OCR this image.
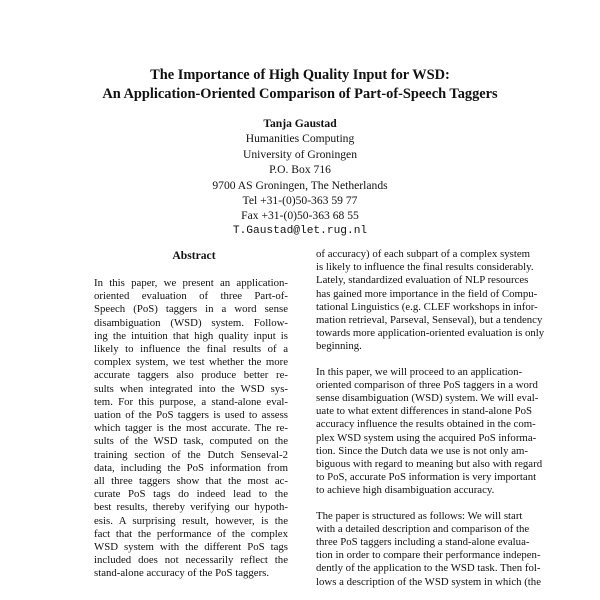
The Importance of High Quality Input for WSD:
An Application-Oriented Comparison of Part-of-Speech Taggers
Tanja Gaustad
Humanities Computing
University of Groningen
P.O. Box 716
9700 AS Groningen, The Netherlands
Tel +31-(0)50-363 59 77
Fax +31-(0)50-363 68 55
T.Gaustad@let.rug.nl
Abstract

In this paper, we present an application-
oriented evaluation of three Part-of-
Speech (PoS) taggers in a word sense
disambiguation (WSD) system. Follow-
ing the intuition that high quality input is
likely to influence the final results of a
complex system, we test whether the more
accurate taggers also produce better re-
sults when integrated into the WSD sys-
tem. For this purpose, a stand-alone eval-
uation of the PoS taggers is used to assess
which tagger is the most accurate. The re-
sults of the WSD task, computed on the
training section of the Dutch Senseval-2
data, including the PoS information from
all three taggers show that the most ac-
curate PoS tags do indeed lead to the
best results, thereby verifying our hypoth-
esis. A surprising result, however, is the
fact that the performance of the complex
WSD system with the different PoS tags
included does not necessarily reflect the
stand-alone accuracy of the PoS taggers.

of accuracy) of each subpart of a complex system
is likely to influence the final results considerably.
Lately, standardized evaluation of NLP resources
has gained more importance in the field of Compu-
tational Linguistics (e.g. CLEF workshops in infor-
mation retrieval, Parseval, Senseval), but a tendency
towards more application-oriented evaluation is only
beginning.

In this paper, we will proceed to an application-
oriented comparison of three PoS taggers in a word
sense disambiguation (WSD) system. We will eval-
uate to what extent differences in stand-alone PoS
accuracy influence the results obtained in the com-
plex WSD system using the acquired PoS informa-
tion. Since the Dutch data we use is not only am-
biguous with regard to meaning but also with regard
to PoS, accurate PoS information is very important
to achieve high disambiguation accuracy.

The paper is structured as follows: We will start
with a detailed description and comparison of the
three PoS taggers including a stand-alone evalua-
tion in order to compare their performance indepen-
dently of the application to the WSD task. Then fol-
lows a description of the WSD system in which (the
